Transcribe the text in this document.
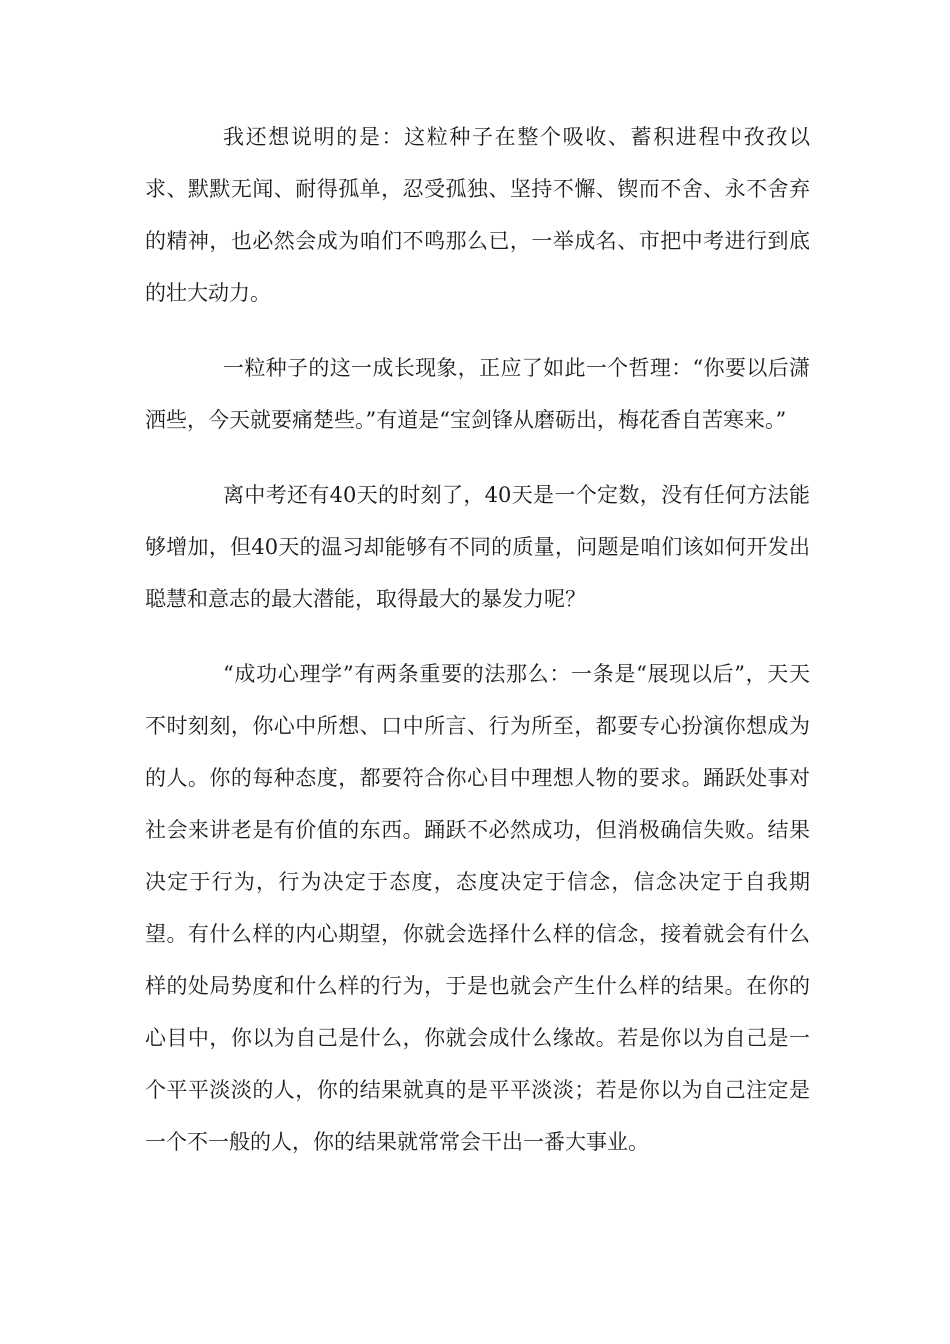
我还想说明的是：这粒种子在整个吸收、蓄积进程中孜孜以求、默默无闻、耐得孤单，忍受孤独、坚持不懈、锲而不舍、永不舍弃的精神，也必然会成为咱们不鸣那么已，一举成名、市把中考进行到底的壮大动力。

一粒种子的这一成长现象，正应了如此一个哲理：“你要以后潇洒些，今天就要痛楚些。”有道是“宝剑锋从磨砺出，梅花香自苦寒来。”

离中考还有40天的时刻了，40天是一个定数，没有任何方法能够增加，但40天的温习却能够有不同的质量，问题是咱们该如何开发出聪慧和意志的最大潜能，取得最大的暴发力呢？

“成功心理学”有两条重要的法那么：一条是“展现以后”，天天不时刻刻，你心中所想、口中所言、行为所至，都要专心扮演你想成为的人。你的每种态度，都要符合你心目中理想人物的要求。踊跃处事对社会来讲老是有价值的东西。踊跃不必然成功，但消极确信失败。结果决定于行为，行为决定于态度，态度决定于信念，信念决定于自我期望。有什么样的内心期望，你就会选择什么样的信念，接着就会有什么样的处局势度和什么样的行为，于是也就会产生什么样的结果。在你的心目中，你以为自己是什么，你就会成什么缘故。若是你以为自己是一个平平淡淡的人，你的结果就真的是平平淡淡；若是你以为自己注定是一个不一般的人，你的结果就常常会干出一番大事业。
